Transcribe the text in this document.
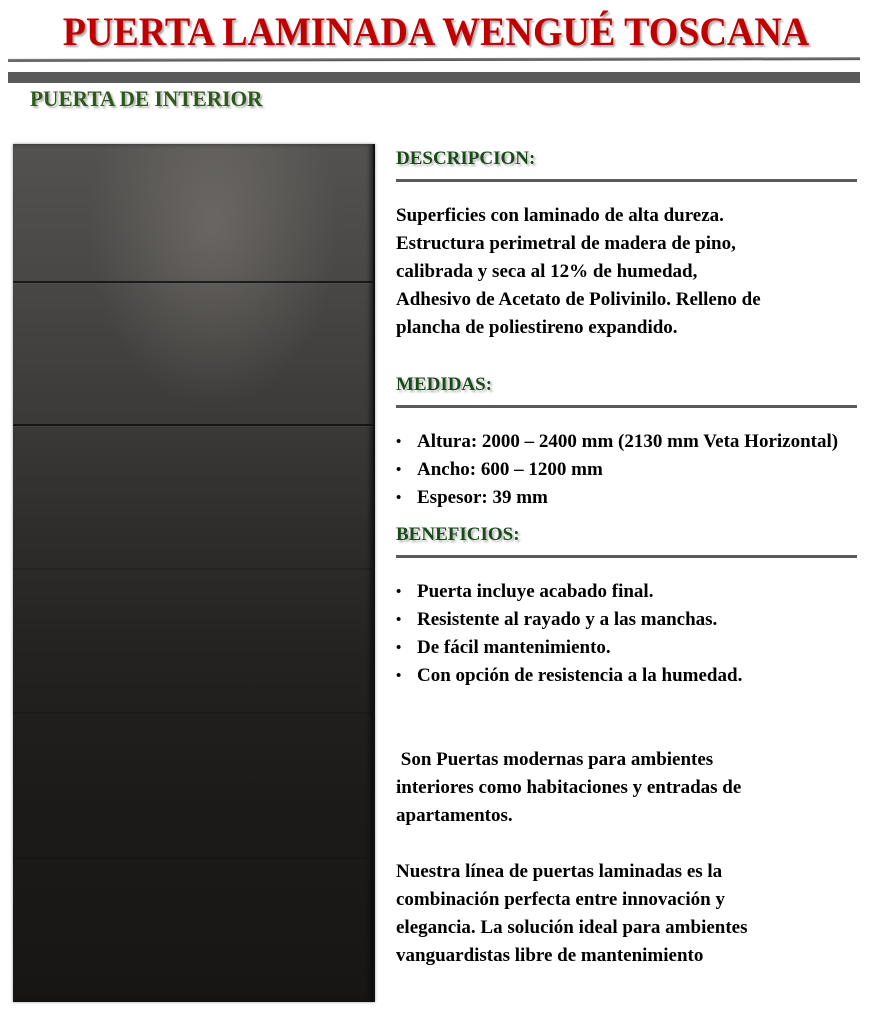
PUERTA LAMINADA WENGUÉ TOSCANA
PUERTA DE INTERIOR
DESCRIPCION:

Superficies con laminado de alta dureza.
Estructura perimetral de madera de pino,
calibrada y seca al 12% de humedad,
Adhesivo de Acetato de Polivinilo. Relleno de
plancha de poliestireno expandido.

MEDIDAS:
• Altura: 2000 – 2400 mm (2130 mm Veta Horizontal)
• Ancho: 600 – 1200 mm
• Espesor: 39 mm
BENEFICIOS:
• Puerta incluye acabado final.
• Resistente al rayado y a las manchas.
• De fácil mantenimiento.
• Con opción de resistencia a la humedad.

Son Puertas modernas para ambientes
interiores como habitaciones y entradas de
apartamentos.

Nuestra línea de puertas laminadas es la
combinación perfecta entre innovación y
elegancia. La solución ideal para ambientes
vanguardistas libre de mantenimiento
